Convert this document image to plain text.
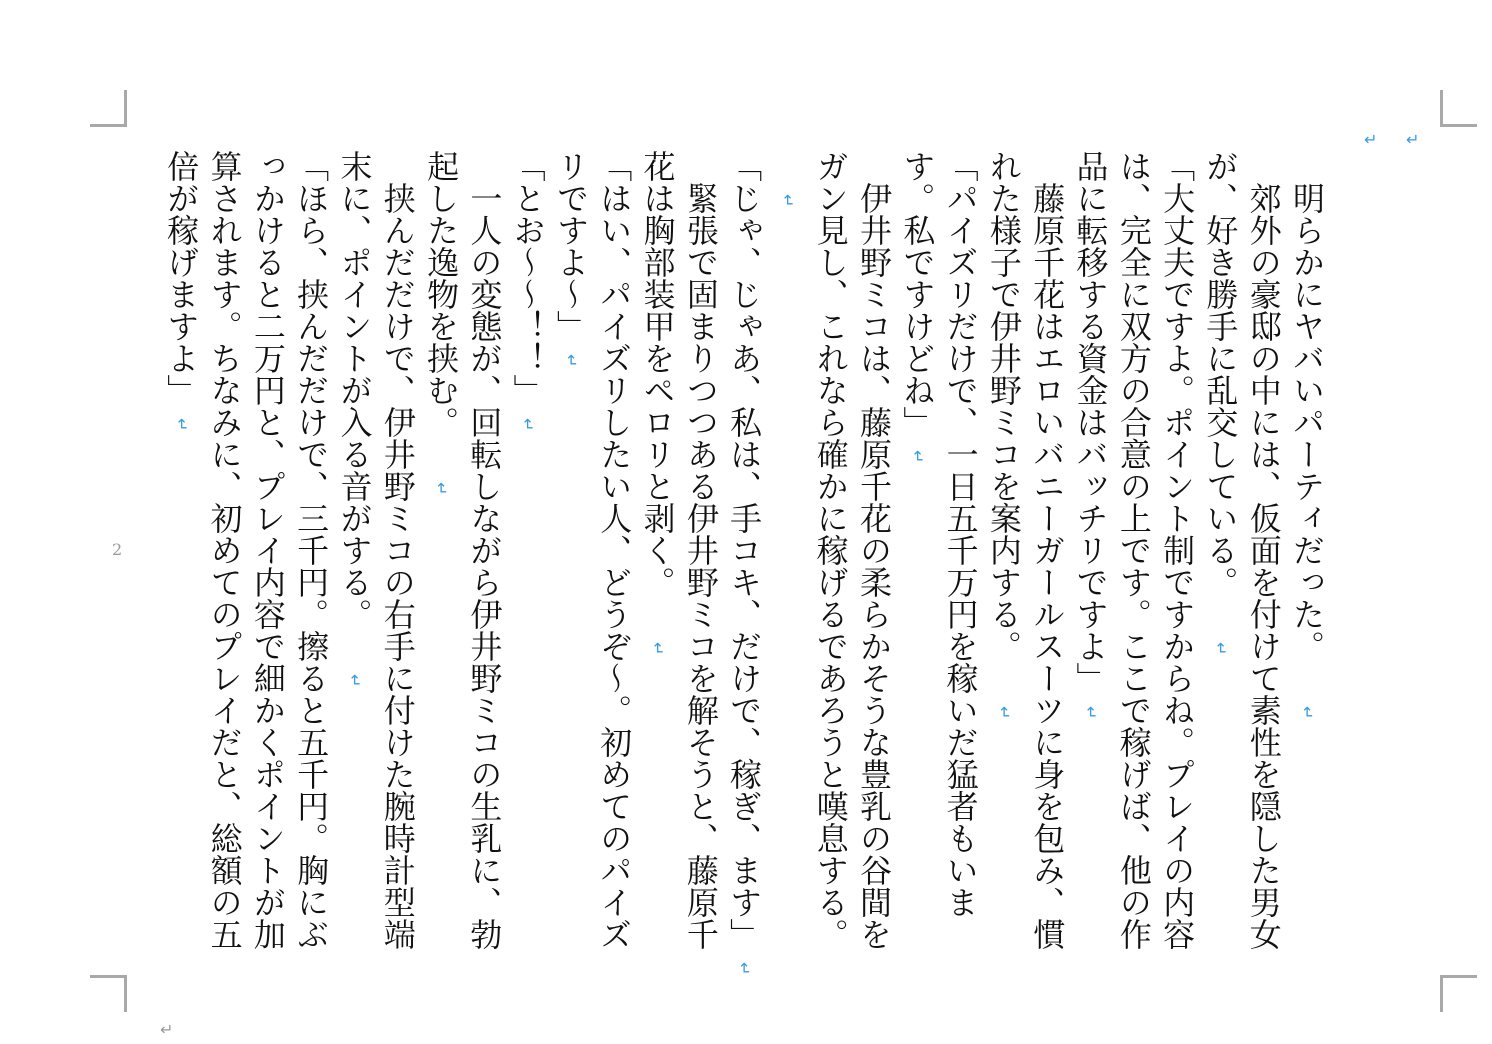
↵ ↵

明らかにヤバいパーティだった。↵

郊外の豪邸の中には、仮面を付けて素性を隠した男女が、好き勝手に乱交している。↵

「大丈夫ですよ。ポイント制ですからね。プレイの内容は、完全に双方の合意の上です。ここで稼げば、他の作品に転移する資金はバッチリですよ」↵

藤原千花はエロいバニーガールスーツに身を包み、慣れた様子で伊井野ミコを案内する。↵

「パイズリだけで、一日五千万円を稼いだ猛者もいます。私ですけどね」↵

伊井野ミコは、藤原千花の柔らかそうな豊乳の谷間をガン見し、これなら確かに稼げるであろうと嘆息する。↵

「じゃ、じゃあ、私は、手コキ、だけで、稼ぎ、ます」↵

緊張で固まりつつある伊井野ミコを解そうと、藤原千花は胸部装甲をペロリと剥く。↵

「はい、パイズリしたい人、どうぞ〜。初めてのパイズリですよ〜」↵

「とお〜〜！！」↵

一人の変態が、回転しながら伊井野ミコの生乳に、勃起した逸物を挟む。↵

挟んだだけで、伊井野ミコの右手に付けた腕時計型端末に、ポイントが入る音がする。↵

「ほら、挟んだだけで、三千円。擦ると五千円。胸にぶっかけると二万円と、プレイ内容で細かくポイントが加算されます。ちなみに、初めてのプレイだと、総額の五倍が稼げますよ」↵

2
↵
